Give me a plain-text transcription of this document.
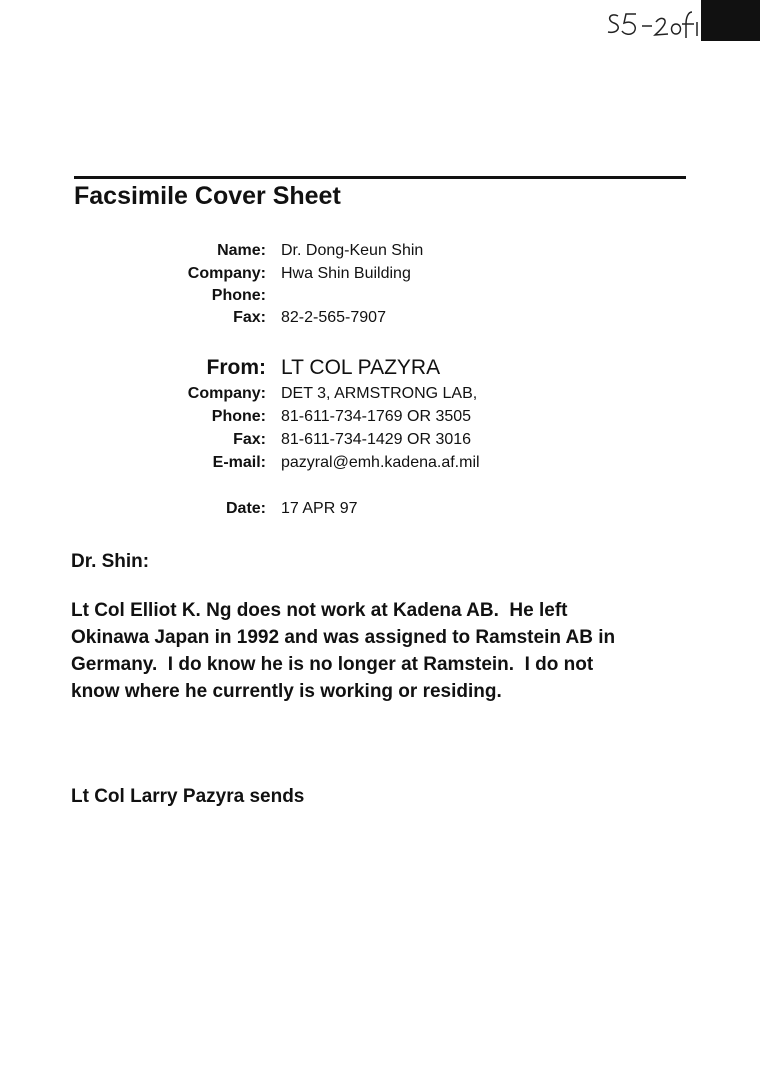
Facsimile Cover Sheet
Name: Dr. Dong-Keun Shin
Company: Hwa Shin Building
Phone:
Fax: 82-2-565-7907
From: LT COL PAZYRA
Company: DET 3, ARMSTRONG LAB,
Phone: 81-611-734-1769 OR 3505
Fax: 81-611-734-1429 OR 3016
E-mail: pazyral@emh.kadena.af.mil
Date: 17 APR 97

Dr. Shin:

Lt Col Elliot K. Ng does not work at Kadena AB.  He left
Okinawa Japan in 1992 and was assigned to Ramstein AB in
Germany.  I do know he is no longer at Ramstein.  I do not
know where he currently is working or residing.

Lt Col Larry Pazyra sends
